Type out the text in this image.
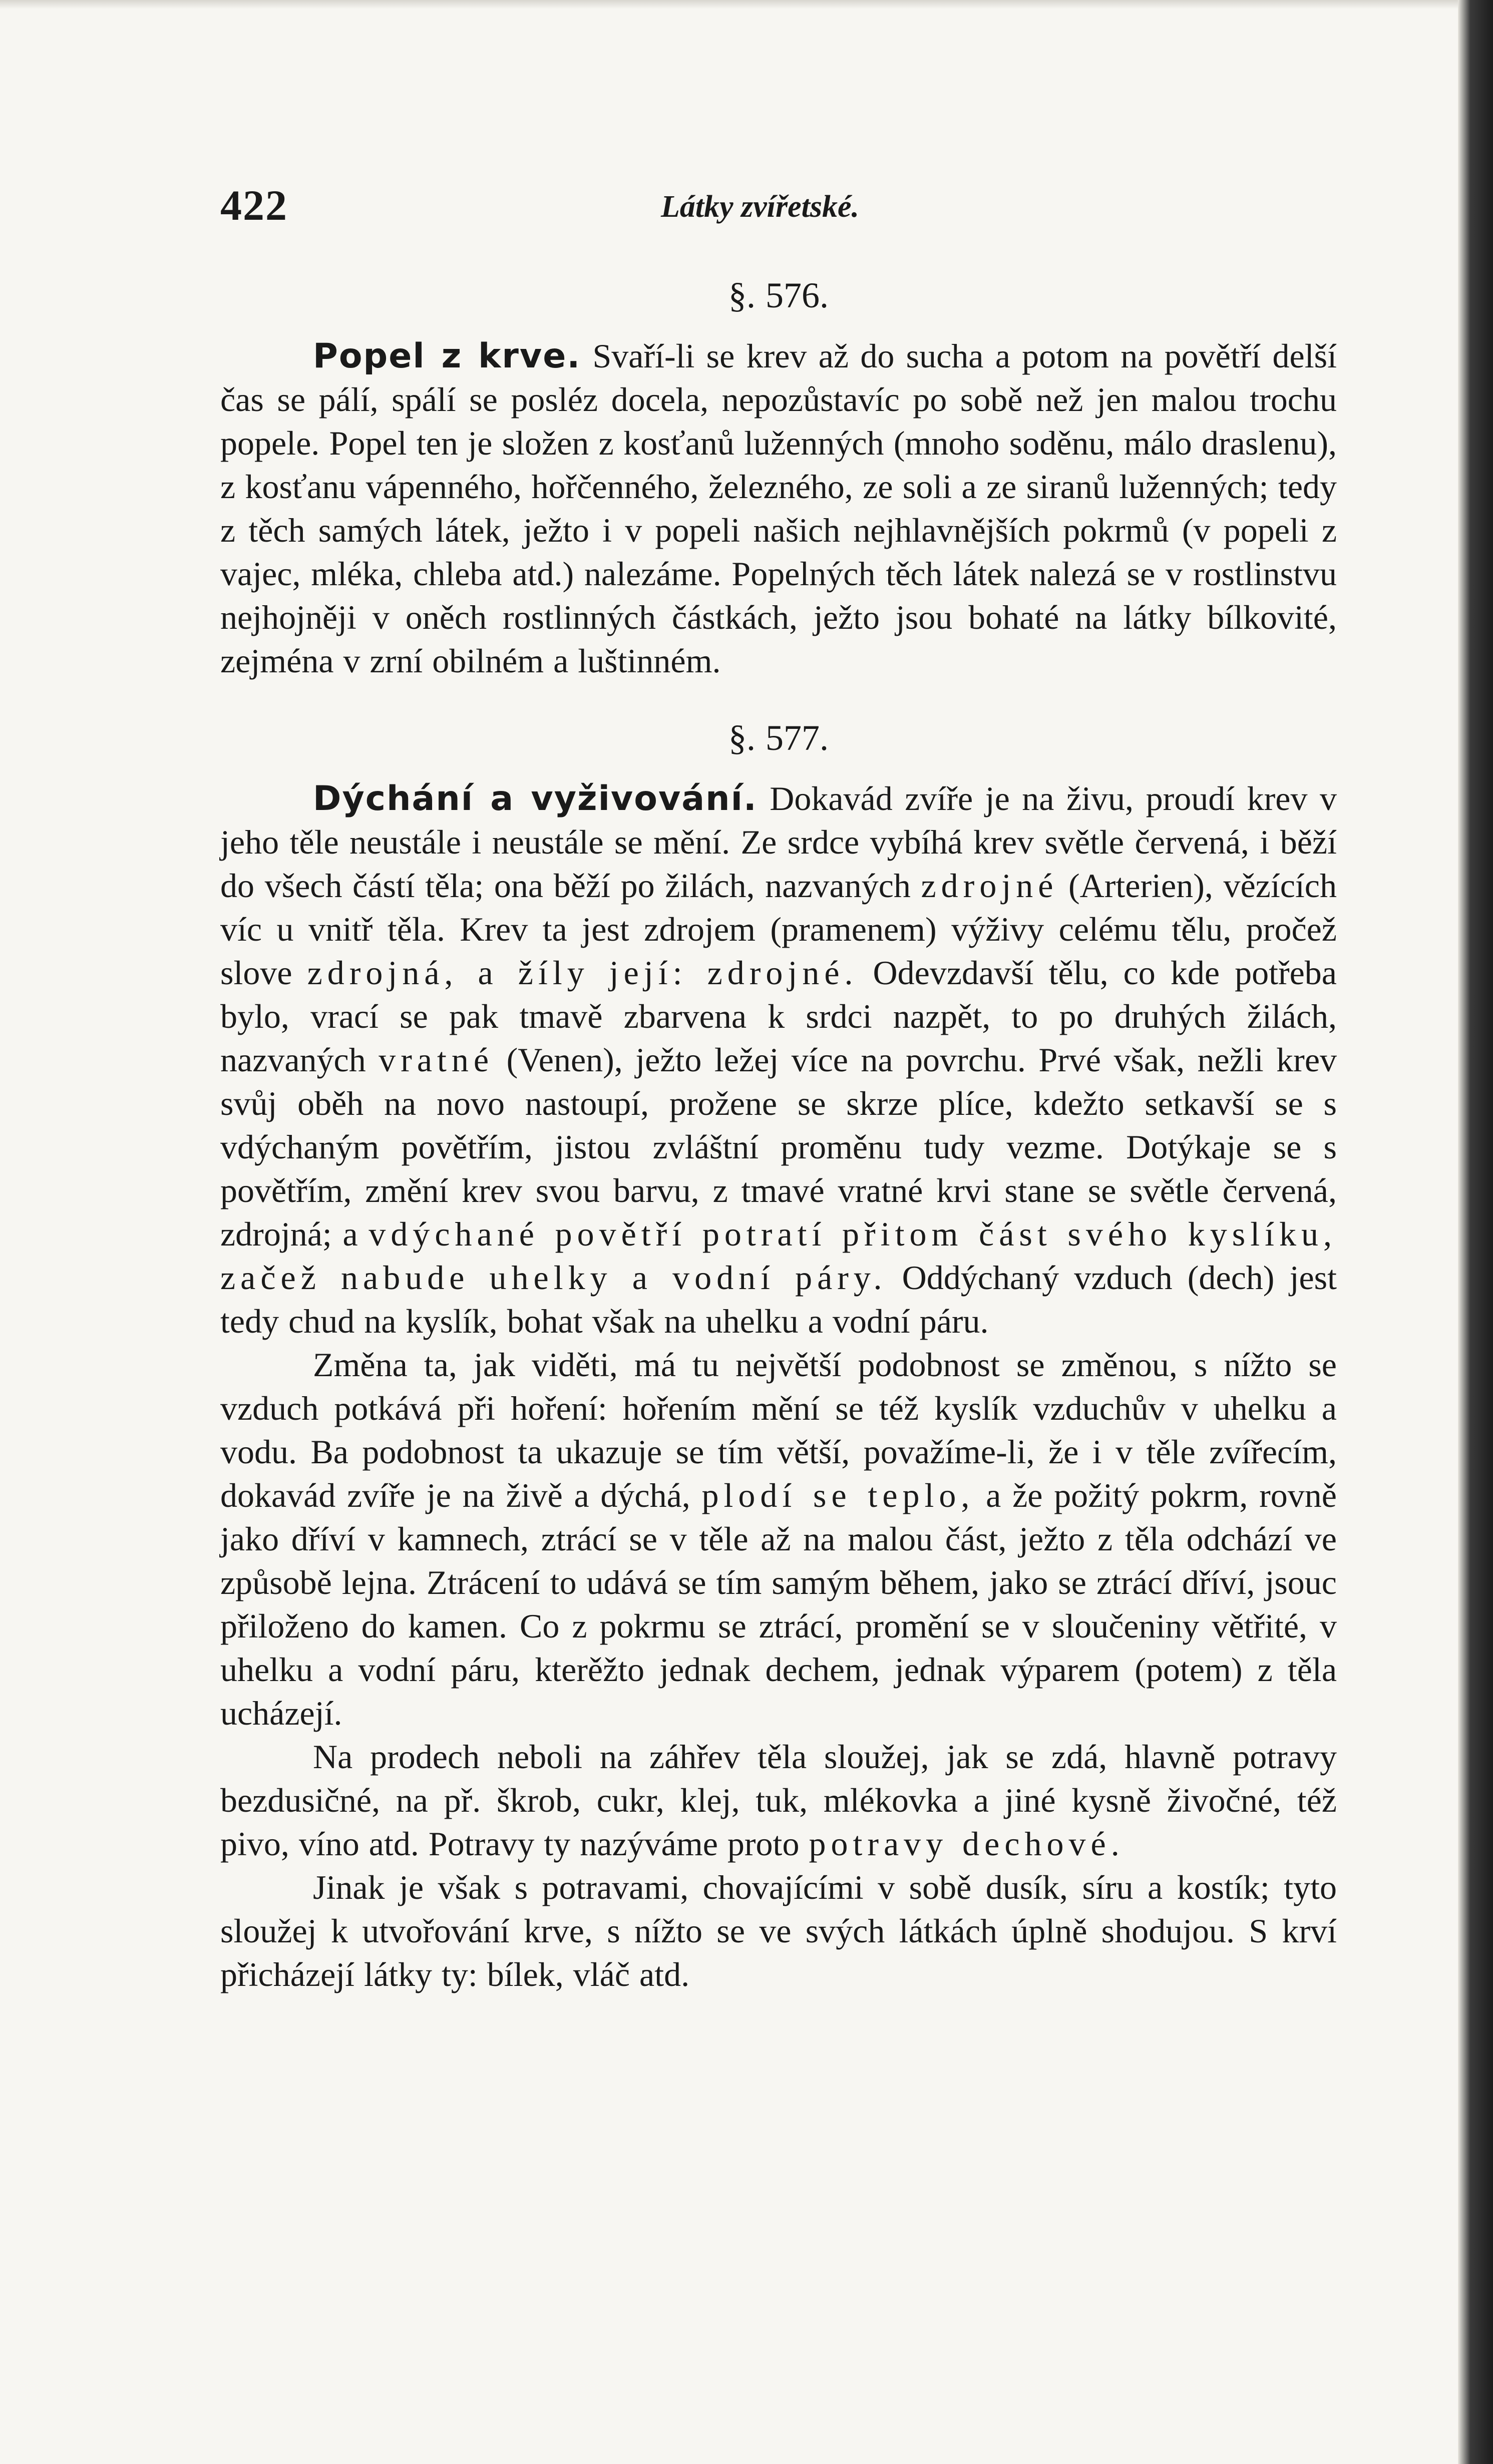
422	Látky zvířetské.

§. 576.

Popel z krve. Svaří-li se krev až do sucha a potom na povětří delší čas se pálí, spálí se posléz docela, nepozůstavíc po sobě než jen malou trochu popele. Popel ten je složen z kosťanů luženných (mnoho soděnu, málo draslenu), z kosťanu vápenného, hořčenného, železného, ze soli a ze siranů luženných; tedy z těch samých látek, ježto i v popeli našich nejhlavnějších pokrmů (v popeli z vajec, mléka, chleba atd.) nalezáme. Popelných těch látek nalezá se v rostlinstvu nejhojněji v oněch rostlinných částkách, ježto jsou bohaté na látky bílkovité, zejména v zrní obilném a luštinném.

§. 577.

Dýchání a vyživování. Dokavád zvíře je na živu, proudí krev v jeho těle neustále i neustále se mění. Ze srdce vybíhá krev světle červená, i běží do všech částí těla; ona běží po žilách, nazvaných zdrojné (Arterien), vězících víc u vnitř těla. Krev ta jest zdrojem (pramenem) výživy celému tělu, pročež slove zdrojná, a žíly její: zdrojné. Odevzdavší tělu, co kde potřeba bylo, vrací se pak tmavě zbarvena k srdci nazpět, to po druhých žilách, nazvaných vratné (Venen), ježto ležej více na povrchu. Prvé však, nežli krev svůj oběh na novo nastoupí, prožene se skrze plíce, kdežto setkavší se s vdýchaným povětřím, jistou zvláštní proměnu tudy vezme. Dotýkaje se s povětřím, změní krev svou barvu, z tmavé vratné krvi stane se světle červená, zdrojná; a vdýchané povětří potratí přitom část svého kyslíku, začež nabude uhelky a vodní páry. Oddýchaný vzduch (dech) jest tedy chud na kyslík, bohat však na uhelku a vodní páru.

Změna ta, jak viděti, má tu největší podobnost se změnou, s nížto se vzduch potkává při hoření: hořením mění se též kyslík vzduchův v uhelku a vodu. Ba podobnost ta ukazuje se tím větší, považíme-li, že i v těle zvířecím, dokavád zvíře je na živě a dýchá, plodí se teplo, a že požitý pokrm, rovně jako dříví v kamnech, ztrácí se v těle až na malou část, ježto z těla odchází ve způsobě lejna. Ztrácení to udává se tím samým během, jako se ztrácí dříví, jsouc přiloženo do kamen. Co z pokrmu se ztrácí, promění se v sloučeniny větřité, v uhelku a vodní páru, kterěžto jednak dechem, jednak výparem (potem) z těla ucházejí.

Na prodech neboli na záhřev těla sloužej, jak se zdá, hlavně potravy bezdusičné, na př. škrob, cukr, klej, tuk, mlékovka a jiné kysně živočné, též pivo, víno atd. Potravy ty nazýváme proto potravy dechové.

Jinak je však s potravami, chovajícími v sobě dusík, síru a kostík; tyto sloužej k utvořování krve, s nížto se ve svých látkách úplně shodujou. S krví přicházejí látky ty: bílek, vláč atd.
